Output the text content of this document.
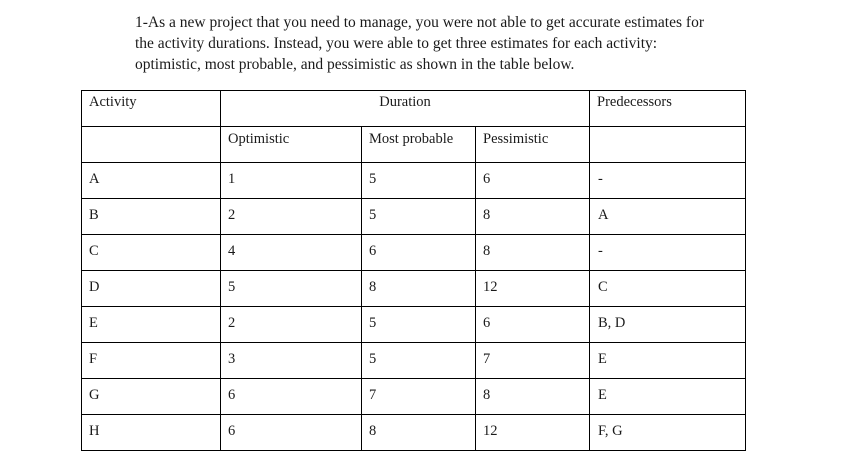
1-As a new project that you need to manage, you were not able to get accurate estimates for

the activity durations. Instead, you were able to get three estimates for each activity:

optimistic, most probable, and pessimistic as shown in the table below.

Activity	Duration			Predecessors

	Optimistic	Most probable	Pessimistic	

A	1	5	6	-

B	2	5	8	A

C	4	6	8	-

D	5	8	12	C

E	2	5	6	B, D

F	3	5	7	E

G	6	7	8	E

H	6	8	12	F, G
